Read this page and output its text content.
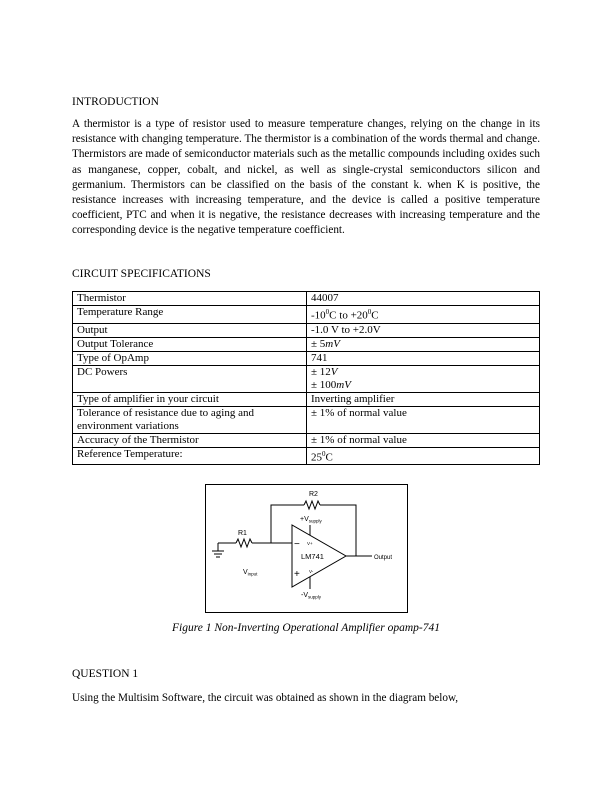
INTRODUCTION

A thermistor is a type of resistor used to measure temperature changes, relying on the change in its resistance with changing temperature. The thermistor is a combination of the words thermal and change. Thermistors are made of semiconductor materials such as the metallic compounds including oxides such as manganese, copper, cobalt, and nickel, as well as single-crystal semiconductors silicon and germanium. Thermistors can be classified on the basis of the constant k. when K is positive, the resistance increases with increasing temperature, and the device is called a positive temperature coefficient, PTC and when it is negative, the resistance decreases with increasing temperature and the corresponding device is the negative temperature coefficient.

CIRCUIT SPECIFICATIONS
Thermistor	44007
Temperature Range	$-10^0C$ to $+20^0C$
Output	-1.0 V to +2.0V
Output Tolerance	± 5mV
Type of OpAmp	741
DC Powers	± 12V
± 100mV
Type of amplifier in your circuit	Inverting amplifier
Tolerance of resistance due to aging and environment variations	± 1% of normal value
Accuracy of the Thermistor	± 1% of normal value
Reference Temperature:	$25^0C$
R2
R1
$+V_{supply}$
$-V_{supply}$
$V_{input}$
LM741
V+
V-
−
+
Output
Figure 1 Non-Inverting Operational Amplifier opamp-741
QUESTION 1

Using the Multisim Software, the circuit was obtained as shown in the diagram below,
